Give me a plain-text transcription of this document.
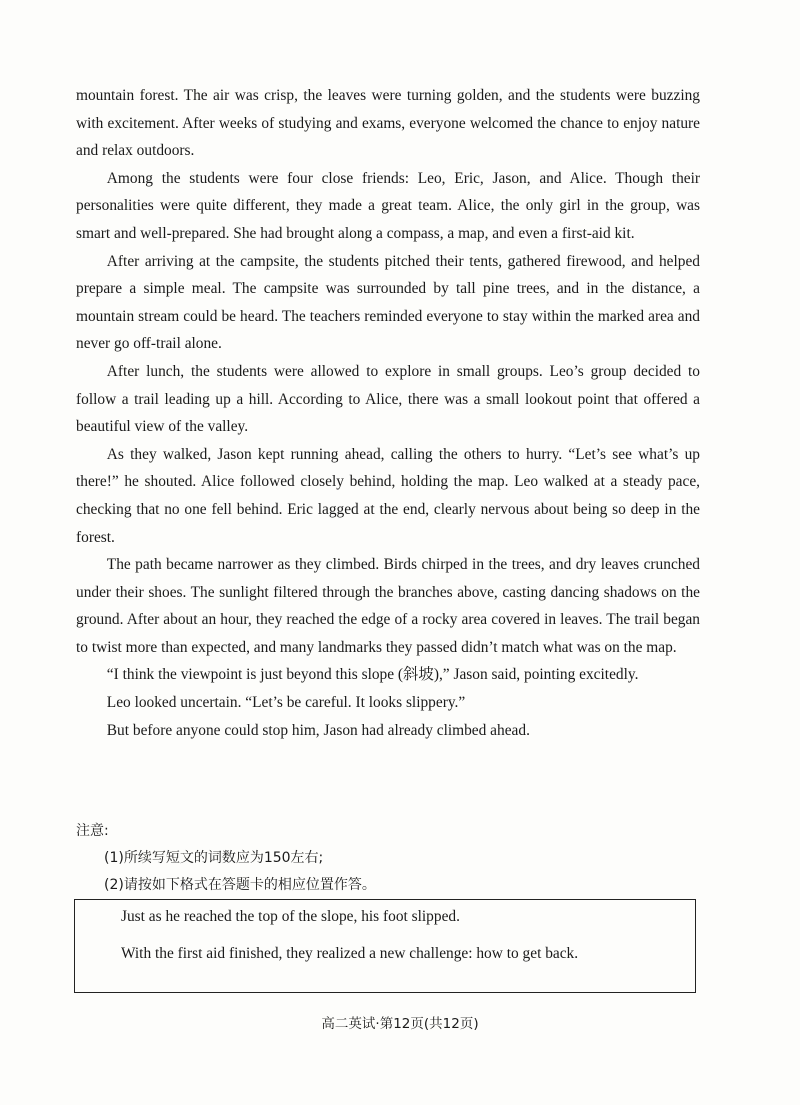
mountain forest. The air was crisp, the leaves were turning golden, and the students were buzzing with excitement. After weeks of studying and exams, everyone welcomed the chance to enjoy nature and relax outdoors.

Among the students were four close friends: Leo, Eric, Jason, and Alice. Though their personalities were quite different, they made a great team. Alice, the only girl in the group, was smart and well-prepared. She had brought along a compass, a map, and even a first-aid kit.

After arriving at the campsite, the students pitched their tents, gathered firewood, and helped prepare a simple meal. The campsite was surrounded by tall pine trees, and in the distance, a mountain stream could be heard. The teachers reminded everyone to stay within the marked area and never go off-trail alone.

After lunch, the students were allowed to explore in small groups. Leo’s group decided to follow a trail leading up a hill. According to Alice, there was a small lookout point that offered a beautiful view of the valley.

As they walked, Jason kept running ahead, calling the others to hurry. “Let’s see what’s up there!” he shouted. Alice followed closely behind, holding the map. Leo walked at a steady pace, checking that no one fell behind. Eric lagged at the end, clearly nervous about being so deep in the forest.

The path became narrower as they climbed. Birds chirped in the trees, and dry leaves crunched under their shoes. The sunlight filtered through the branches above, casting dancing shadows on the ground. After about an hour, they reached the edge of a rocky area covered in leaves. The trail began to twist more than expected, and many landmarks they passed didn’t match what was on the map.

“I think the viewpoint is just beyond this slope (斜坡),” Jason said, pointing excitedly.

Leo looked uncertain. “Let’s be careful. It looks slippery.”

But before anyone could stop him, Jason had already climbed ahead.

注意:
(1)所续写短文的词数应为150左右;
(2)请按如下格式在答题卡的相应位置作答。
Just as he reached the top of the slope, his foot slipped.
With the first aid finished, they realized a new challenge: how to get back.
高二英试·第12页(共12页)
